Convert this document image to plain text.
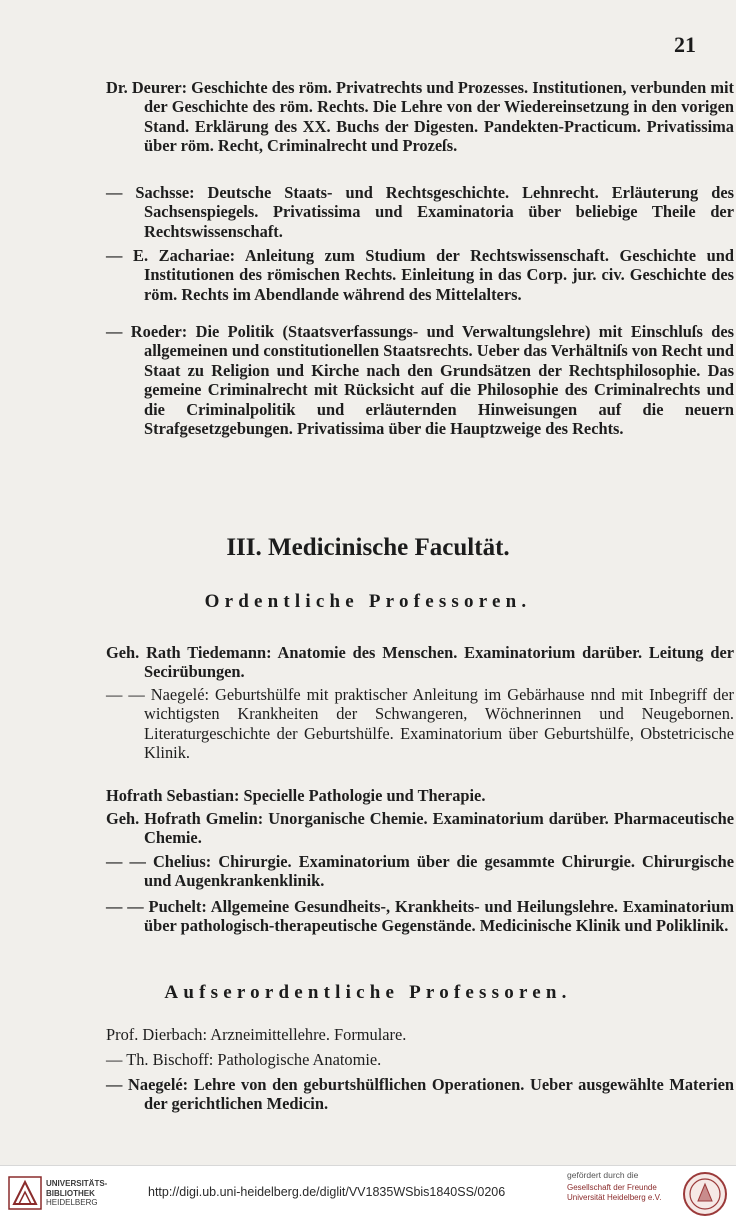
21
Dr. Deurer: Geschichte des röm. Privatrechts und Prozesses. Institutionen, verbunden mit der Geschichte des röm. Rechts. Die Lehre von der Wiedereinsetzung in den vorigen Stand. Erklärung des XX. Buchs der Digesten. Pandekten-Practicum. Privatissima über röm. Recht, Criminalrecht und Prozeſs.
— Sachsse: Deutsche Staats- und Rechtsgeschichte. Lehnrecht. Erläuterung des Sachsenspiegels. Privatissima und Examinatoria über beliebige Theile der Rechtswissenschaft.
— E. Zachariae: Anleitung zum Studium der Rechtswissenschaft. Geschichte und Institutionen des römischen Rechts. Einleitung in das Corp. jur. civ. Geschichte des röm. Rechts im Abendlande während des Mittelalters.
— Roeder: Die Politik (Staatsverfassungs- und Verwaltungslehre) mit Einschluſs des allgemeinen und constitutionellen Staatsrechts. Ueber das Verhältniſs von Recht und Staat zu Religion und Kirche nach den Grundsätzen der Rechtsphilosophie. Das gemeine Criminalrecht mit Rücksicht auf die Philosophie des Criminalrechts und die Criminalpolitik und erläuternden Hinweisungen auf die neuern Strafgesetzgebungen. Privatissima über die Hauptzweige des Rechts.
III. Medicinische Facultät.
Ordentliche Professoren.
Geh. Rath Tiedemann: Anatomie des Menschen. Examinatorium darüber. Leitung der Secirübungen.
— — Naegelé: Geburtshülfe mit praktischer Anleitung im Gebärhause nnd mit Inbegriff der wichtigsten Krankheiten der Schwangeren, Wöchnerinnen und Neugebornen. Literaturgeschichte der Geburtshülfe. Examinatorium über Geburtshülfe, Obstetricische Klinik.
Hofrath Sebastian: Specielle Pathologie und Therapie.
Geh. Hofrath Gmelin: Unorganische Chemie. Examinatorium darüber. Pharmaceutische Chemie.
— — Chelius: Chirurgie. Examinatorium über die gesammte Chirurgie. Chirurgische und Augenkrankenklinik.
— — Puchelt: Allgemeine Gesundheits-, Krankheits- und Heilungslehre. Examinatorium über pathologisch-therapeutische Gegenstände. Medicinische Klinik und Poliklinik.
Aufserordentliche Professoren.
Prof. Dierbach: Arzneimittellehre. Formulare.
— Th. Bischoff: Pathologische Anatomie.
— Naegelé: Lehre von den geburtshülflichen Operationen. Ueber ausgewählte Materien der gerichtlichen Medicin.
UNIVERSITÄTS-
BIBLIOTHEK
HEIDELBERG
http://digi.ub.uni-heidelberg.de/diglit/VV1835WSbis1840SS/0206
gefördert durch die
Gesellschaft der Freunde
Universität Heidelberg e.V.
